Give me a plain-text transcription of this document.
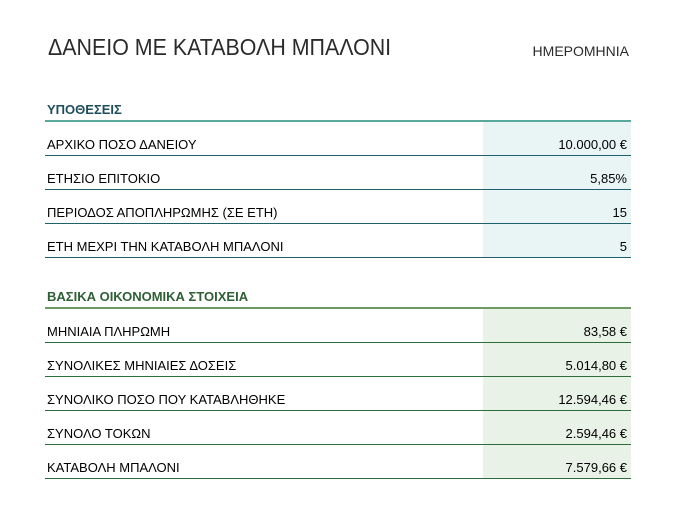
ΔΑΝΕΙΟ ΜΕ ΚΑΤΑΒΟΛΗ ΜΠΑΛΟΝΙ	ΗΜΕΡΟΜΗΝΙΑ
ΥΠΟΘΕΣΕΙΣ
ΑΡΧΙΚΟ ΠΟΣΟ ΔΑΝΕΙΟΥ	10.000,00 €
ΕΤΗΣΙΟ ΕΠΙΤΟΚΙΟ	5,85%
ΠΕΡΙΟΔΟΣ ΑΠΟΠΛΗΡΩΜΗΣ (ΣΕ ΕΤΗ)	15
ΕΤΗ ΜΕΧΡΙ ΤΗΝ ΚΑΤΑΒΟΛΗ ΜΠΑΛΟΝΙ	5
ΒΑΣΙΚΑ ΟΙΚΟΝΟΜΙΚΑ ΣΤΟΙΧΕΙΑ
ΜΗΝΙΑΙΑ ΠΛΗΡΩΜΗ	83,58 €
ΣΥΝΟΛΙΚΕΣ ΜΗΝΙΑΙΕΣ ΔΟΣΕΙΣ	5.014,80 €
ΣΥΝΟΛΙΚΟ ΠΟΣΟ ΠΟΥ ΚΑΤΑΒΛΗΘΗΚΕ	12.594,46 €
ΣΥΝΟΛΟ ΤΟΚΩΝ	2.594,46 €
ΚΑΤΑΒΟΛΗ ΜΠΑΛΟΝΙ	7.579,66 €
